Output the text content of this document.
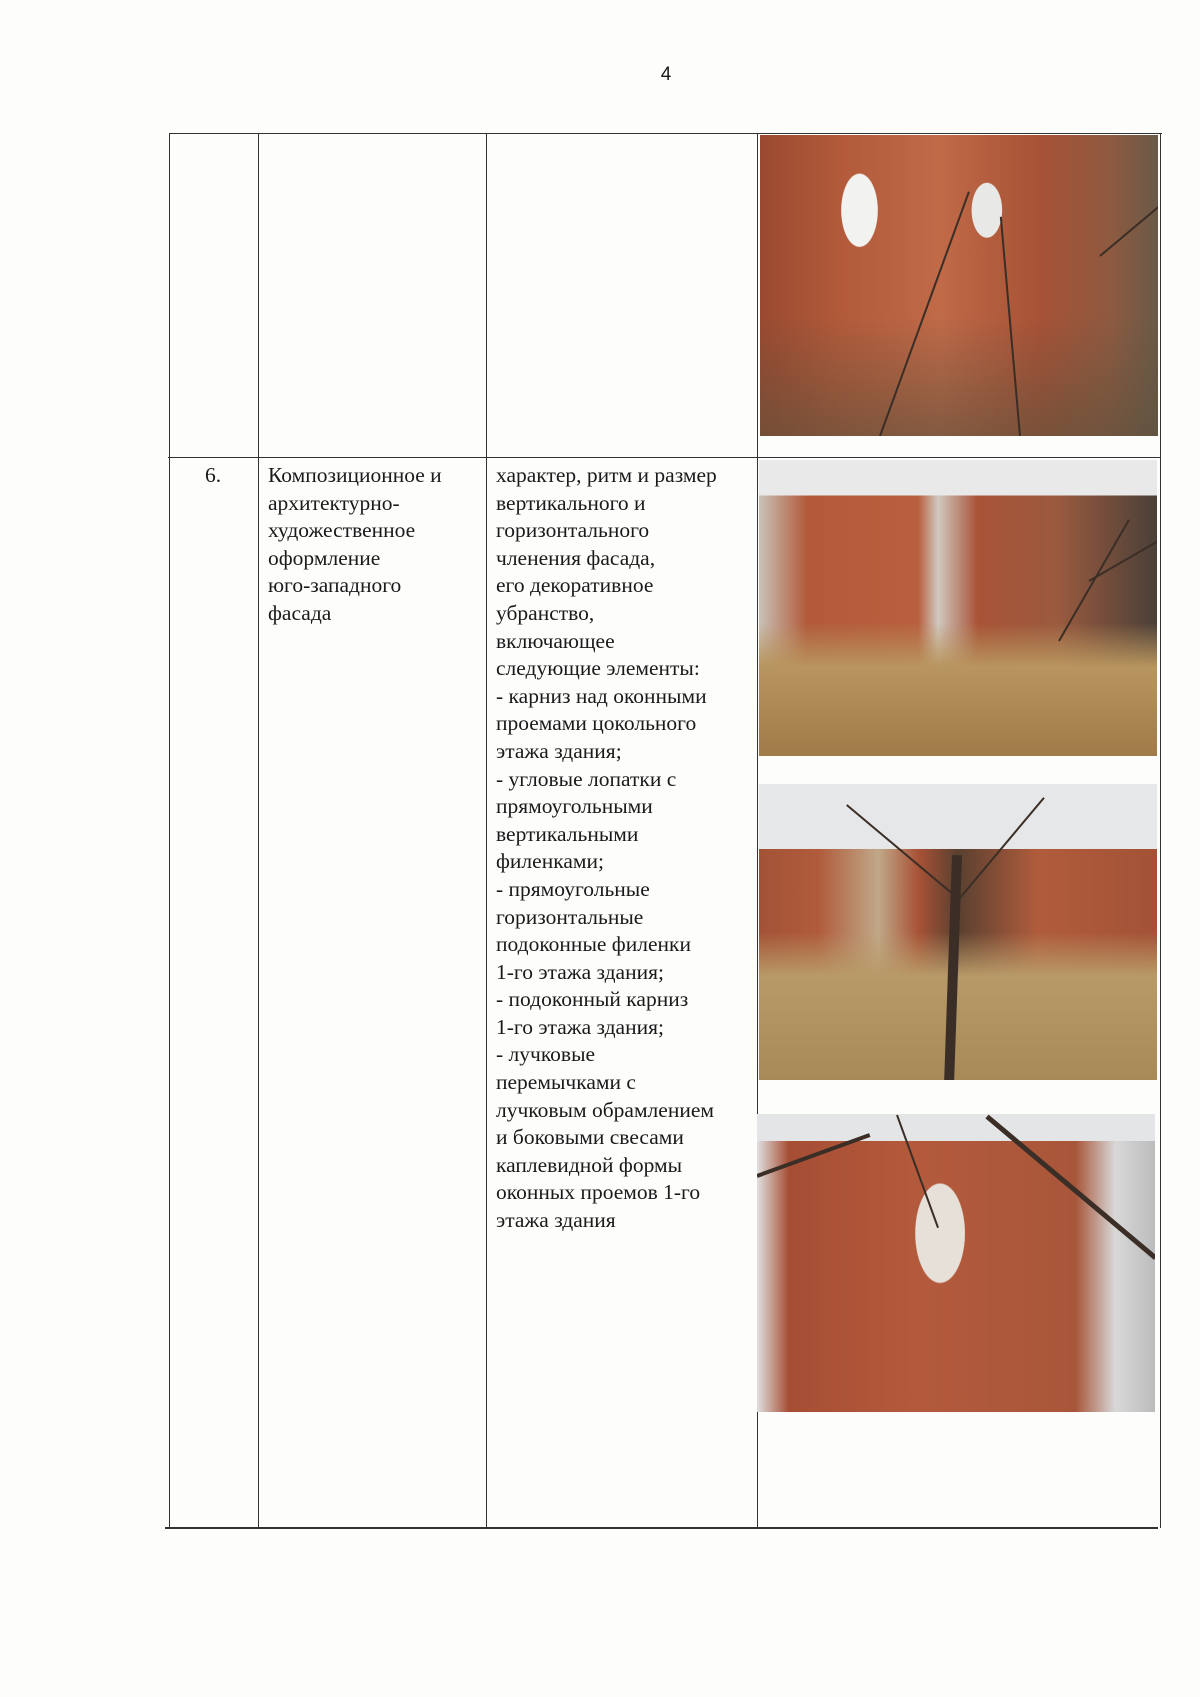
4
6. Композиционное и
архитектурно-
художественное
оформление
юго-западного
фасада
характер, ритм и размер
вертикального и
горизонтального
членения фасада,
его декоративное
убранство,
включающее
следующие элементы:
- карниз над оконными
проемами цокольного
этажа здания;
- угловые лопатки с
прямоугольными
вертикальными
филенками;
- прямоугольные
горизонтальные
подоконные филенки
1-го этажа здания;
- подоконный карниз
1-го этажа здания;
- лучковые
перемычками с
лучковым обрамлением
и боковыми свесами
каплевидной формы
оконных проемов 1-го
этажа здания
